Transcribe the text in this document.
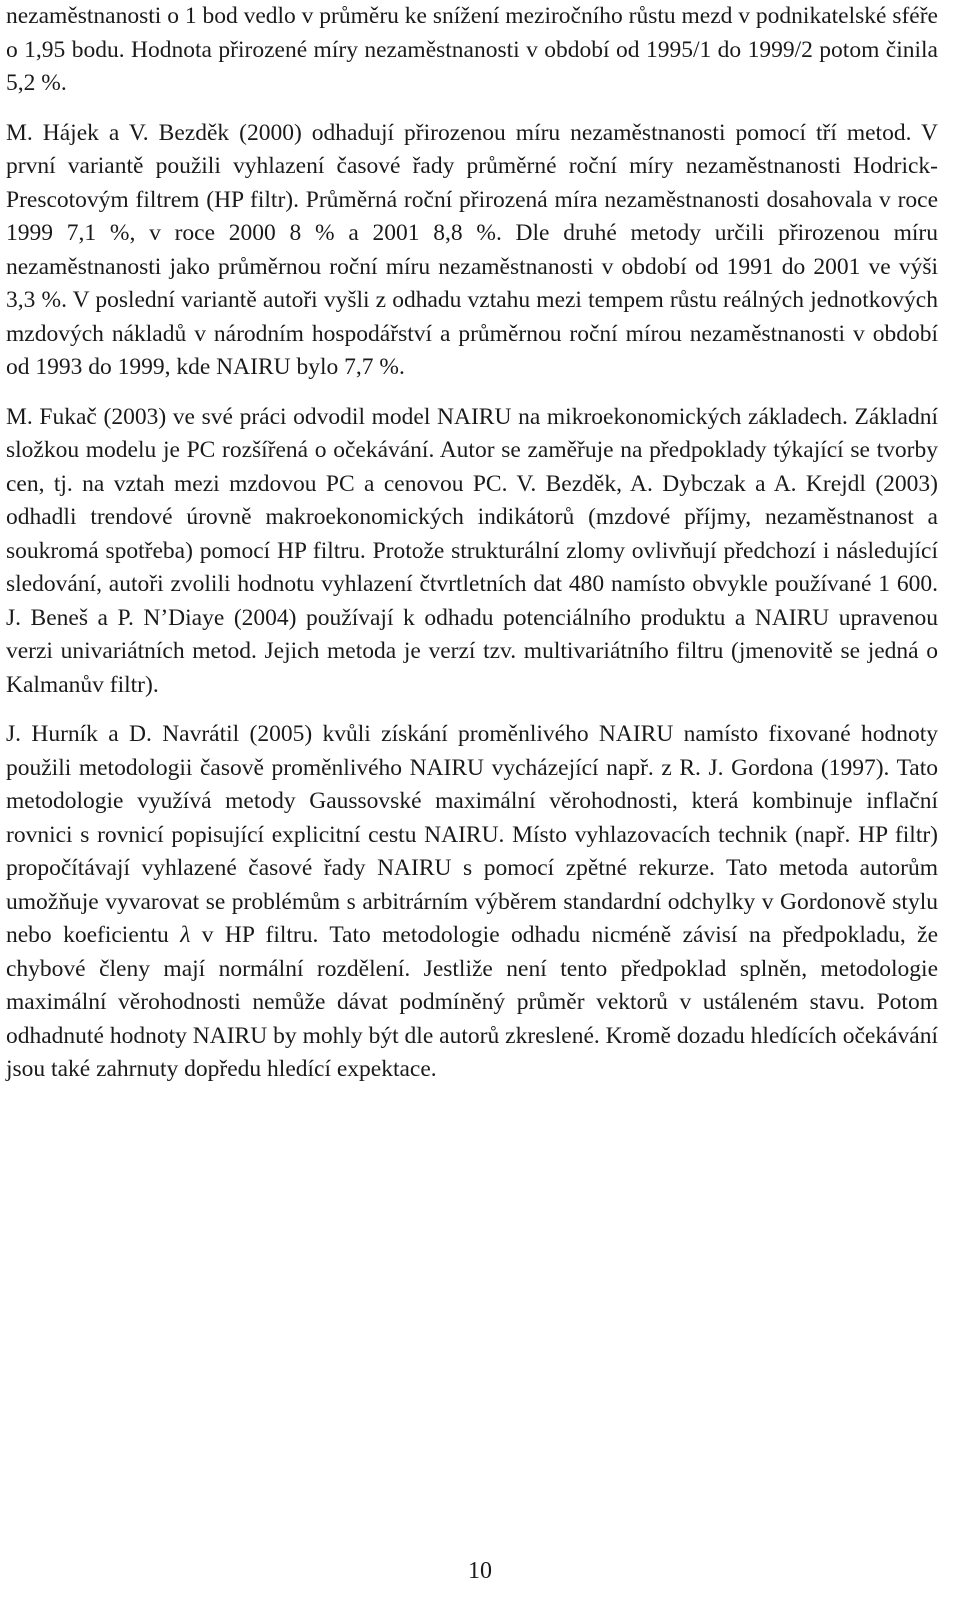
nezaměstnanosti o 1 bod vedlo v průměru ke snížení meziročního růstu mezd v podnikatelské sféře o 1,95 bodu. Hodnota přirozené míry nezaměstnanosti v období od 1995/1 do 1999/2 potom činila 5,2 %.

M. Hájek a V. Bezděk (2000) odhadují přirozenou míru nezaměstnanosti pomocí tří metod. V první variantě použili vyhlazení časové řady průměrné roční míry nezaměstnanosti Hodrick-Prescotovým filtrem (HP filtr). Průměrná roční přirozená míra nezaměstnanosti dosahovala v roce 1999 7,1 %, v roce 2000 8 % a 2001 8,8 %. Dle druhé metody určili přirozenou míru nezaměstnanosti jako průměrnou roční míru nezaměstnanosti v období od 1991 do 2001 ve výši 3,3 %. V poslední variantě autoři vyšli z odhadu vztahu mezi tempem růstu reálných jednotkových mzdových nákladů v národním hospodářství a průměrnou roční mírou nezaměstnanosti v období od 1993 do 1999, kde NAIRU bylo 7,7 %.

M. Fukač (2003) ve své práci odvodil model NAIRU na mikroekonomických základech. Základní složkou modelu je PC rozšířená o očekávání. Autor se zaměřuje na předpoklady týkající se tvorby cen, tj. na vztah mezi mzdovou PC a cenovou PC. V. Bezděk, A. Dybczak a A. Krejdl (2003) odhadli trendové úrovně makroekonomických indikátorů (mzdové příjmy, nezaměstnanost a soukromá spotřeba) pomocí HP filtru. Protože strukturální zlomy ovlivňují předchozí i následující sledování, autoři zvolili hodnotu vyhlazení čtvrtletních dat 480 namísto obvykle používané 1 600. J. Beneš a P. N’Diaye (2004) používají k odhadu potenciálního produktu a NAIRU upravenou verzi univariátních metod. Jejich metoda je verzí tzv. multivariátního filtru (jmenovitě se jedná o Kalmanův filtr).

J. Hurník a D. Navrátil (2005) kvůli získání proměnlivého NAIRU namísto fixované hodnoty použili metodologii časově proměnlivého NAIRU vycházející např. z R. J. Gordona (1997). Tato metodologie využívá metody Gaussovské maximální věrohodnosti, která kombinuje inflační rovnici s rovnicí popisující explicitní cestu NAIRU. Místo vyhlazovacích technik (např. HP filtr) propočítávají vyhlazené časové řady NAIRU s pomocí zpětné rekurze. Tato metoda autorům umožňuje vyvarovat se problémům s arbitrárním výběrem standardní odchylky v Gordonově stylu nebo koeficientu λ v HP filtru. Tato metodologie odhadu nicméně závisí na předpokladu, že chybové členy mají normální rozdělení. Jestliže není tento předpoklad splněn, metodologie maximální věrohodnosti nemůže dávat podmíněný průměr vektorů v ustáleném stavu. Potom odhadnuté hodnoty NAIRU by mohly být dle autorů zkreslené. Kromě dozadu hledících očekávání jsou také zahrnuty dopředu hledící expektace.

10
